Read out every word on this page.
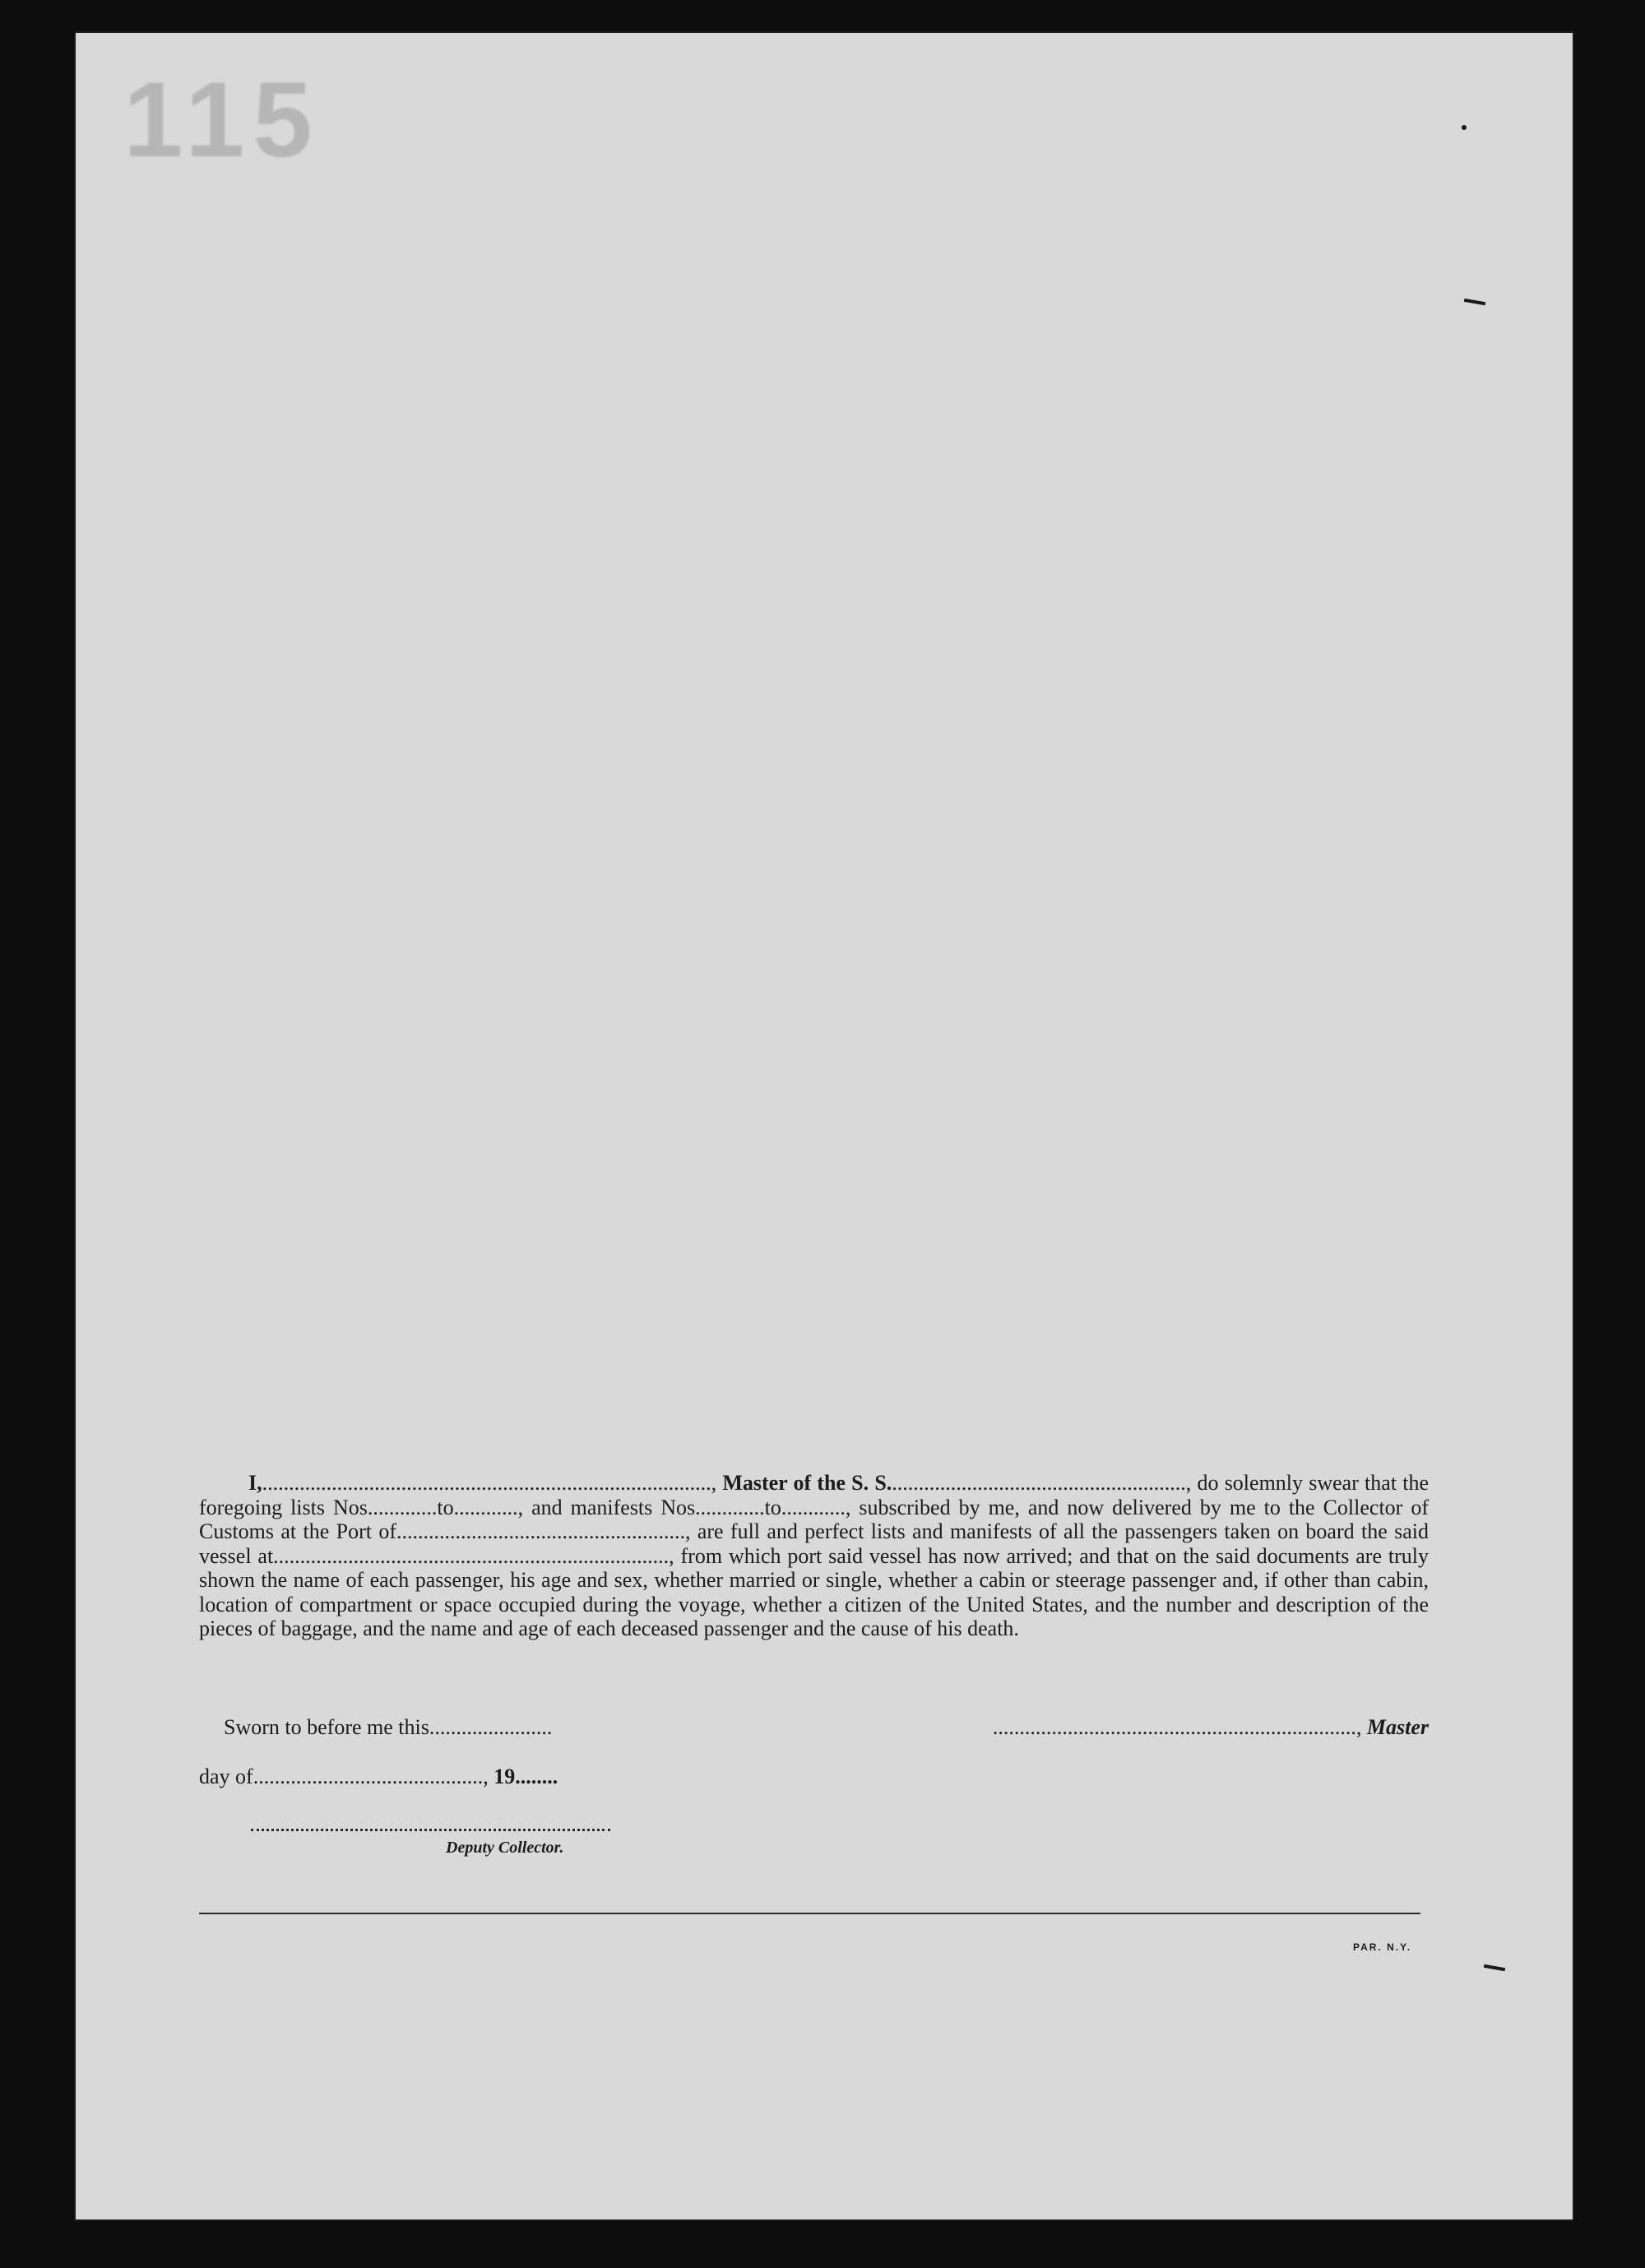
115

I,...................................................................................., Master of the S. S........................................................, do solemnly swear that the foregoing lists Nos.............to............, and manifests Nos.............to............, subscribed by me, and now delivered by me to the Collector of Customs at the Port of......................................................, are full and perfect lists and manifests of all the passengers taken on board the said vessel at.........................................................................., from which port said vessel has now arrived; and that on the said documents are truly shown the name of each passenger, his age and sex, whether married or single, whether a cabin or steerage passenger and, if other than cabin, location of compartment or space occupied during the voyage, whether a citizen of the United States, and the number and description of the pieces of baggage, and the name and age of each deceased passenger and the cause of his death.

Sworn to before me this.......................	...................................................................., Master
day of..........................................., 19........
Deputy Collector.
PAR. N.Y.
